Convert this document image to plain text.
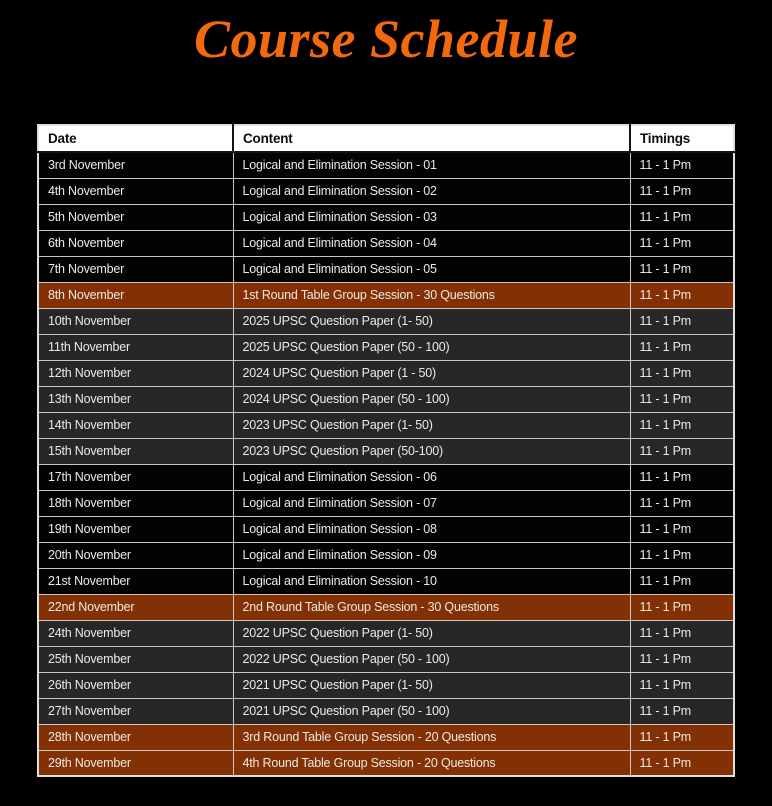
Course Schedule
Date	Content	Timings
3rd November	Logical and Elimination Session - 01	11 - 1 Pm
4th November	Logical and Elimination Session - 02	11 - 1 Pm
5th November	Logical and Elimination Session - 03	11 - 1 Pm
6th November	Logical and Elimination Session - 04	11 - 1 Pm
7th November	Logical and Elimination Session - 05	11 - 1 Pm
8th November	1st Round Table Group Session - 30 Questions	11 - 1 Pm
10th November	2025 UPSC Question Paper (1- 50)	11 - 1 Pm
11th November	2025 UPSC Question Paper (50 - 100)	11 - 1 Pm
12th November	2024 UPSC Question Paper (1 - 50)	11 - 1 Pm
13th November	2024 UPSC Question Paper (50 - 100)	11 - 1 Pm
14th November	2023 UPSC Question Paper (1- 50)	11 - 1 Pm
15th November	2023 UPSC Question Paper (50-100)	11 - 1 Pm
17th November	Logical and Elimination Session - 06	11 - 1 Pm
18th November	Logical and Elimination Session - 07	11 - 1 Pm
19th November	Logical and Elimination Session - 08	11 - 1 Pm
20th November	Logical and Elimination Session - 09	11 - 1 Pm
21st November	Logical and Elimination Session - 10	11 - 1 Pm
22nd November	2nd Round Table Group Session - 30 Questions	11 - 1 Pm
24th November	2022 UPSC Question Paper (1- 50)	11 - 1 Pm
25th November	2022 UPSC Question Paper (50 - 100)	11 - 1 Pm
26th November	2021 UPSC Question Paper (1- 50)	11 - 1 Pm
27th November	2021 UPSC Question Paper (50 - 100)	11 - 1 Pm
28th November	3rd Round Table Group Session - 20 Questions	11 - 1 Pm
29th November	4th Round Table Group Session - 20 Questions	11 - 1 Pm
